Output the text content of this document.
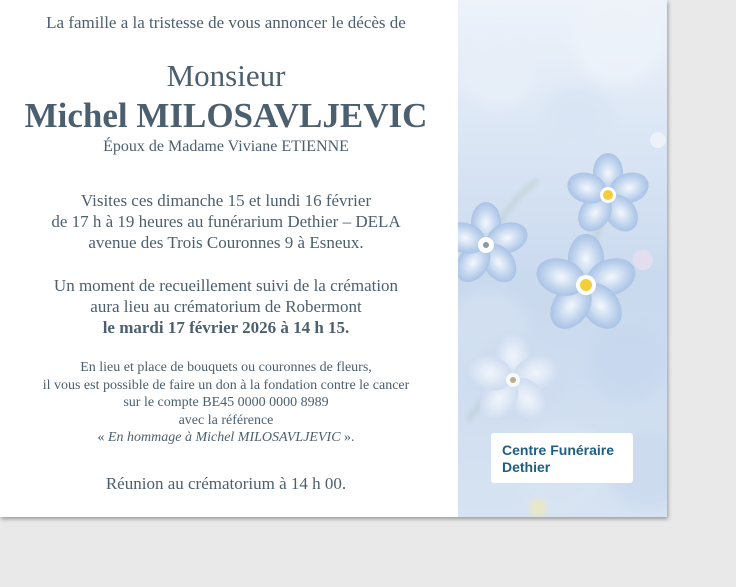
La famille a la tristesse de vous annoncer le décès de
Monsieur
Michel MILOSAVLJEVIC
Époux de Madame Viviane ETIENNE
Visites ces dimanche 15 et lundi 16 février
de 17 h à 19 heures au funérarium Dethier – DELA
avenue des Trois Couronnes 9 à Esneux.
Un moment de recueillement suivi de la crémation
aura lieu au crématorium de Robermont
le mardi 17 février 2026 à 14 h 15.
En lieu et place de bouquets ou couronnes de fleurs,
il vous est possible de faire un don à la fondation contre le cancer
sur le compte BE45 0000 0000 8989
avec la référence
« En hommage à Michel MILOSAVLJEVIC ».
Réunion au crématorium à 14 h 00.
Centre Funéraire
Dethier
